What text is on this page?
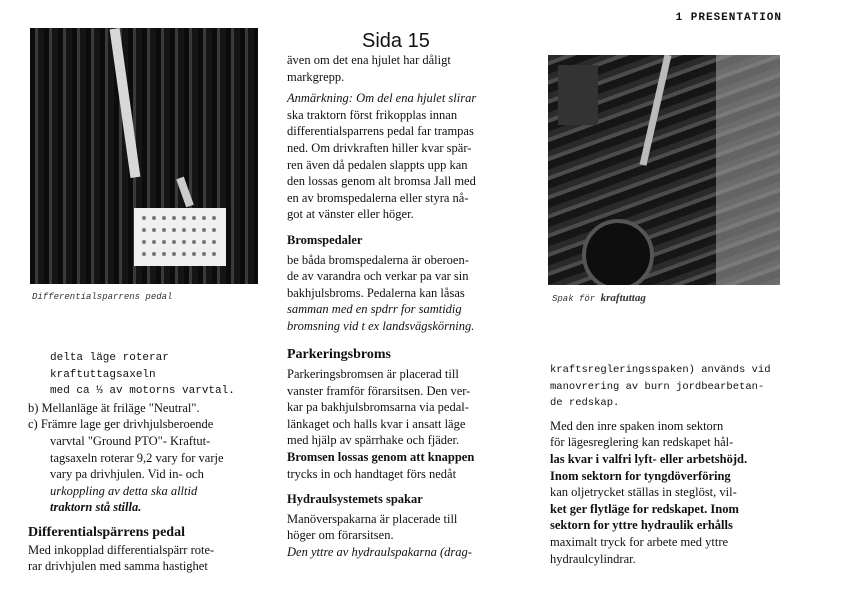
1 PRESENTATION
Sida 15
Differentialsparrens pedal	Spak för kraftuttag

delta läge roterar kraftuttagsaxeln

med ca ⅓ av motorns varvtal.

b) Mellanläge ät friläge "Neutral".

c) Främre lage ger drivhjulsberoende

varvtal "Ground PTO"- Kraftut-

tagsaxeln roterar 9,2 vary for varje

vary pa drivhjulen. Vid in- och

urkoppling av detta ska alltid

traktorn stå stilla.

Differentialspärrens pedal

Med inkopplad differentialspärr rote-

rar drivhjulen med samma hastighet

även om det ena hjulet har dåligt

markgrepp.

Anmärkning: Om del ena hjulet slirar

ska traktorn först frikopplas innan

differentialsparrens pedal far trampas

ned. Om drivkraften hiller kvar spär-

ren även då pedalen slappts upp kan

den lossas genom alt bromsa Jall med

en av bromspedalerna eller styra nå-

got at vänster eller höger.

Bromspedaler

be båda bromspedalerna är oberoen-

de av varandra och verkar pa var sin

bakhjulsbroms. Pedalerna kan låsas

samman med en spdrr for samtidig

bromsning vid t ex landsvägskörning.

Parkeringsbroms

Parkeringsbromsen är placerad till

vanster framför förarsitsen. Den ver-

kar pa bakhjulsbromsarna via pedal-

länkaget och halls kvar i ansatt läge

med hjälp av spärrhake och fjäder.

Bromsen lossas genom att knappen

trycks in och handtaget förs nedåt

Hydraulsystemets spakar

Manöverspakarna är placerade till

höger om förarsitsen.

Den yttre av hydraulspakarna (drag-

kraftsregleringsspaken) används vid

manovrering av burn jordbearbetan-

de redskap.

Med den inre spaken inom sektorn

för lägesreglering kan redskapet hål-

las kvar i valfri lyft- eller arbetshöjd.

Inom sektorn for tyngdöverföring

kan oljetrycket ställas in steglöst, vil-

ket ger flytläge for redskapet. Inom

sektorn for yttre hydraulik erhålls

maximalt tryck for arbete med yttre

hydraulcylindrar.
